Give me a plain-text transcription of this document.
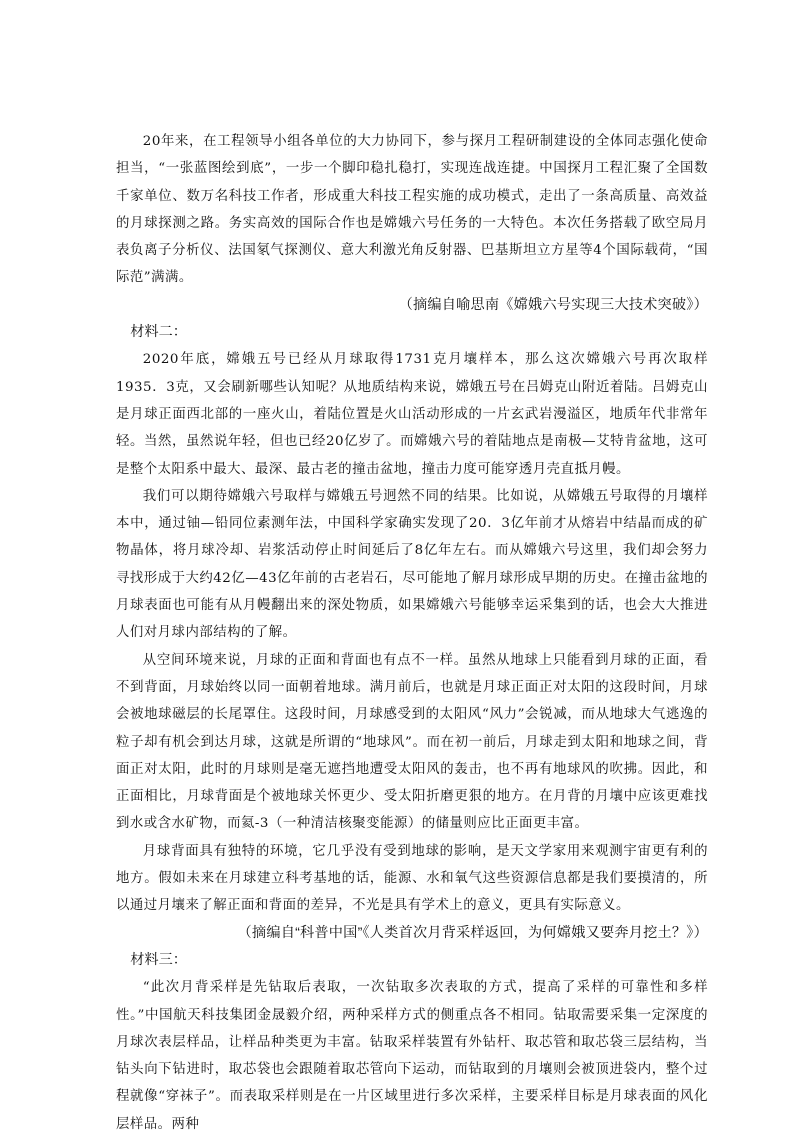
20年来，在工程领导小组各单位的大力协同下，参与探月工程研制建设的全体同志强化使命担当，“一张蓝图绘到底”，一步一个脚印稳扎稳打，实现连战连捷。中国探月工程汇聚了全国数千家单位、数万名科技工作者，形成重大科技工程实施的成功模式，走出了一条高质量、高效益的月球探测之路。务实高效的国际合作也是嫦娥六号任务的一大特色。本次任务搭载了欧空局月表负离子分析仪、法国氡气探测仪、意大利激光角反射器、巴基斯坦立方星等4个国际载荷，“国际范”满满。

（摘编自喻思南《嫦娥六号实现三大技术突破》）

材料二：

2020年底，嫦娥五号已经从月球取得1731克月壤样本，那么这次嫦娥六号再次取样1935．3克，又会刷新哪些认知呢？从地质结构来说，嫦娥五号在吕姆克山附近着陆。吕姆克山是月球正面西北部的一座火山，着陆位置是火山活动形成的一片玄武岩漫溢区，地质年代非常年轻。当然，虽然说年轻，但也已经20亿岁了。而嫦娥六号的着陆地点是南极—艾特肯盆地，这可是整个太阳系中最大、最深、最古老的撞击盆地，撞击力度可能穿透月壳直抵月幔。

我们可以期待嫦娥六号取样与嫦娥五号迥然不同的结果。比如说，从嫦娥五号取得的月壤样本中，通过铀—铅同位素测年法，中国科学家确实发现了20．3亿年前才从熔岩中结晶而成的矿物晶体，将月球冷却、岩浆活动停止时间延后了8亿年左右。而从嫦娥六号这里，我们却会努力寻找形成于大约42亿—43亿年前的古老岩石，尽可能地了解月球形成早期的历史。在撞击盆地的月球表面也可能有从月幔翻出来的深处物质，如果嫦娥六号能够幸运采集到的话，也会大大推进人们对月球内部结构的了解。

从空间环境来说，月球的正面和背面也有点不一样。虽然从地球上只能看到月球的正面，看不到背面，月球始终以同一面朝着地球。满月前后，也就是月球正面正对太阳的这段时间，月球会被地球磁层的长尾罩住。这段时间，月球感受到的太阳风“风力”会锐减，而从地球大气逃逸的粒子却有机会到达月球，这就是所谓的“地球风”。而在初一前后，月球走到太阳和地球之间，背面正对太阳，此时的月球则是毫无遮挡地遭受太阳风的轰击，也不再有地球风的吹拂。因此，和正面相比，月球背面是个被地球关怀更少、受太阳折磨更狠的地方。在月背的月壤中应该更难找到水或含水矿物，而氦-3（一种清洁核聚变能源）的储量则应比正面更丰富。

月球背面具有独特的环境，它几乎没有受到地球的影响，是天文学家用来观测宇宙更有利的地方。假如未来在月球建立科考基地的话，能源、水和氧气这些资源信息都是我们要摸清的，所以通过月壤来了解正面和背面的差异，不光是具有学术上的意义，更具有实际意义。

（摘编自“科普中国”《人类首次月背采样返回，为何嫦娥又要奔月挖土？》）

材料三：

“此次月背采样是先钻取后表取，一次钻取多次表取的方式，提高了采样的可靠性和多样性。”中国航天科技集团金晟毅介绍，两种采样方式的侧重点各不相同。钻取需要采集一定深度的月球次表层样品，让样品种类更为丰富。钻取采样装置有外钻杆、取芯管和取芯袋三层结构，当钻头向下钻进时，取芯袋也会跟随着取芯管向下运动，而钻取到的月壤则会被顶进袋内，整个过程就像“穿袜子”。而表取采样则是在一片区域里进行多次采样，主要采样目标是月球表面的风化层样品。两种
